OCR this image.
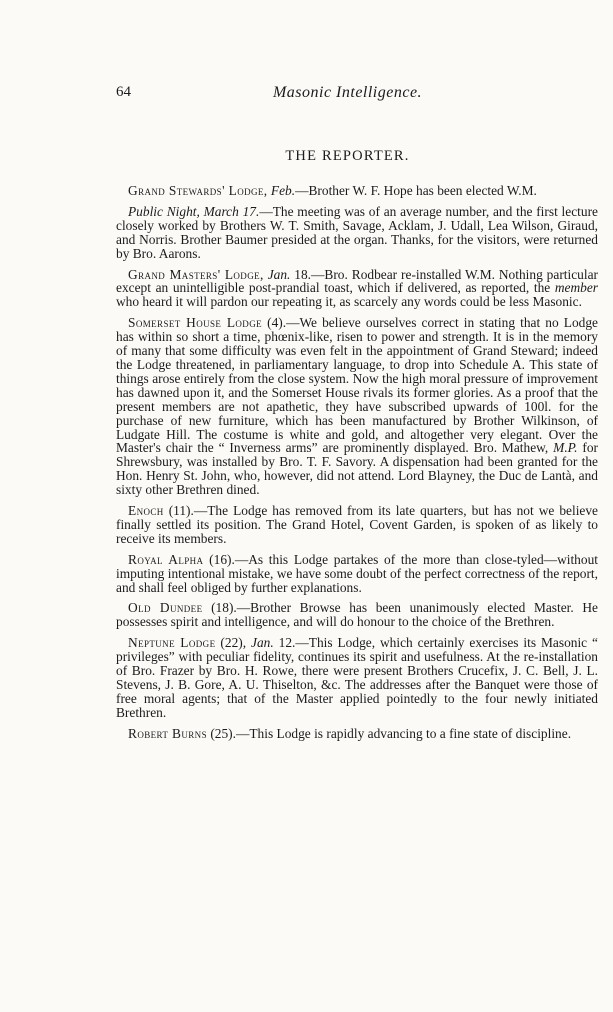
64	Masonic Intelligence.
THE REPORTER.

Grand Stewards' Lodge, Feb.—Brother W. F. Hope has been elected W.M.

Public Night, March 17.—The meeting was of an average number, and the first lecture closely worked by Brothers W. T. Smith, Savage, Acklam, J. Udall, Lea Wilson, Giraud, and Norris. Brother Baumer presided at the organ. Thanks, for the visitors, were returned by Bro. Aarons.

Grand Masters' Lodge, Jan. 18.—Bro. Rodbear re-installed W.M. Nothing particular except an unintelligible post-prandial toast, which if delivered, as reported, the member who heard it will pardon our repeating it, as scarcely any words could be less Masonic.

Somerset House Lodge (4).—We believe ourselves correct in stating that no Lodge has within so short a time, phœnix-like, risen to power and strength. It is in the memory of many that some difficulty was even felt in the appointment of Grand Steward; indeed the Lodge threatened, in parliamentary language, to drop into Schedule A. This state of things arose entirely from the close system. Now the high moral pressure of improvement has dawned upon it, and the Somerset House rivals its former glories. As a proof that the present members are not apathetic, they have subscribed upwards of 100l. for the purchase of new furniture, which has been manufactured by Brother Wilkinson, of Ludgate Hill. The costume is white and gold, and altogether very elegant. Over the Master's chair the “ Inverness arms” are prominently displayed. Bro. Mathew, M.P. for Shrewsbury, was installed by Bro. T. F. Savory. A dispensation had been granted for the Hon. Henry St. John, who, however, did not attend. Lord Blayney, the Duc de Lantà, and sixty other Brethren dined.

Enoch (11).—The Lodge has removed from its late quarters, but has not we believe finally settled its position. The Grand Hotel, Covent Garden, is spoken of as likely to receive its members.

Royal Alpha (16).—As this Lodge partakes of the more than close-tyled—without imputing intentional mistake, we have some doubt of the perfect correctness of the report, and shall feel obliged by further explanations.

Old Dundee (18).—Brother Browse has been unanimously elected Master. He possesses spirit and intelligence, and will do honour to the choice of the Brethren.

Neptune Lodge (22), Jan. 12.—This Lodge, which certainly exercises its Masonic “ privileges” with peculiar fidelity, continues its spirit and usefulness. At the re-installation of Bro. Frazer by Bro. H. Rowe, there were present Brothers Crucefix, J. C. Bell, J. L. Stevens, J. B. Gore, A. U. Thiselton, &c. The addresses after the Banquet were those of free moral agents; that of the Master applied pointedly to the four newly initiated Brethren.

Robert Burns (25).—This Lodge is rapidly advancing to a fine state of discipline.
